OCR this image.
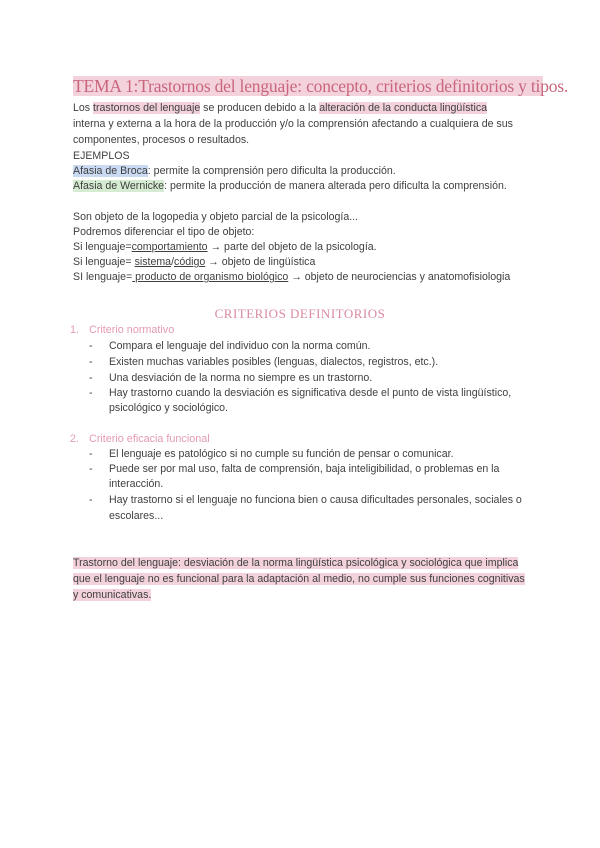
TEMA 1:Trastornos del lenguaje: concepto, criterios definitorios y tipos.

Los trastornos del lenguaje se producen debido a la alteración de la conducta lingüística

interna y externa a la hora de la producción y/o la comprensión afectando a cualquiera de sus

componentes, procesos o resultados.

EJEMPLOS

Afasia de Broca: permite la comprensión pero dificulta la producción.

Afasia de Wernicke: permite la producción de manera alterada pero dificulta la comprensión.

Son objeto de la logopedia y objeto parcial de la psicología...

Podremos diferenciar el tipo de objeto:

Si lenguaje=comportamiento → parte del objeto de la psicología.

Si lenguaje= sistema/código → objeto de lingüística

SI lenguaje= producto de organismo biológico → objeto de neurociencias y anatomofisiologia

CRITERIOS DEFINITORIOS

1. Criterio normativo
- Compara el lenguaje del individuo con la norma común.
- Existen muchas variables posibles (lenguas, dialectos, registros, etc.).
- Una desviación de la norma no siempre es un trastorno.
- Hay trastorno cuando la desviación es significativa desde el punto de vista lingüístico,
psicológico y sociológico.
2. Criterio eficacia funcional
- El lenguaje es patológico si no cumple su función de pensar o comunicar.
- Puede ser por mal uso, falta de comprensión, baja inteligibilidad, o problemas en la
interacción.
- Hay trastorno si el lenguaje no funciona bien o causa dificultades personales, sociales o
escolares...
Trastorno del lenguaje: desviación de la norma lingüística psicológica y sociológica que implica que el lenguaje no es funcional para la adaptación al medio, no cumple sus funciones cognitivas y comunicativas.
